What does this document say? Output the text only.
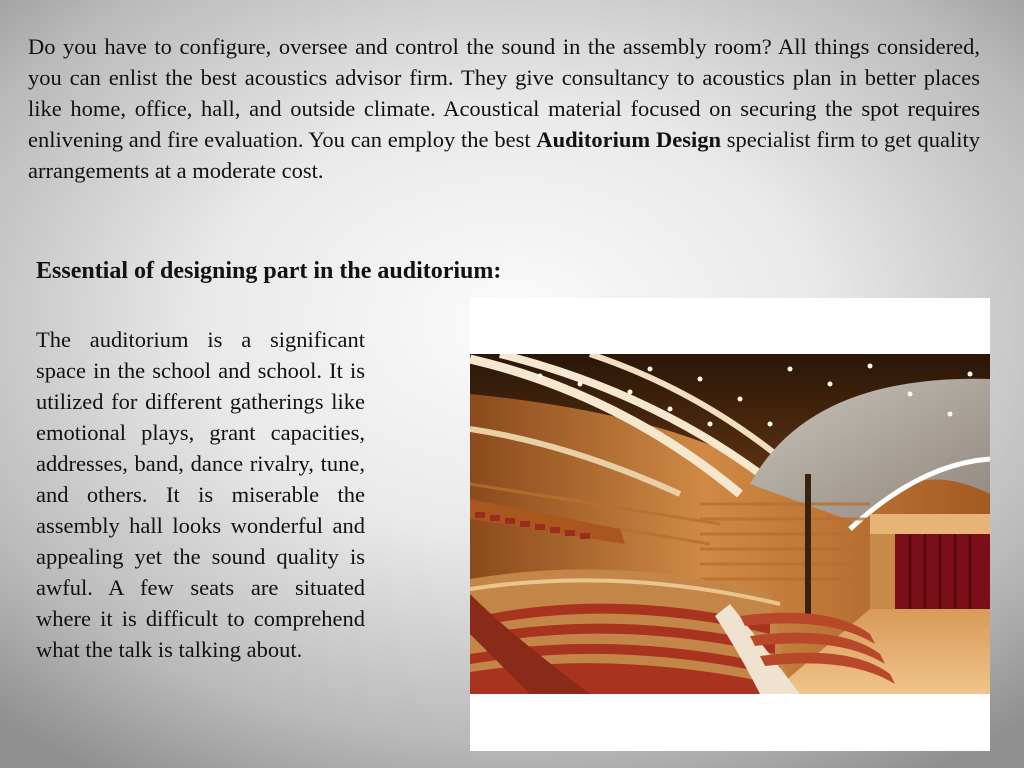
Do you have to configure, oversee and control the sound in the assembly room? All things considered, you can enlist the best acoustics advisor firm. They give consultancy to acoustics plan in better places like home, office, hall, and outside climate. Acoustical material focused on securing the spot requires enlivening and fire evaluation. You can employ the best Auditorium Design specialist firm to get quality arrangements at a moderate cost.

Essential of designing part in the auditorium:

The auditorium is a significant space in the school and school. It is utilized for different gatherings like emotional plays, grant capacities, addresses, band, dance rivalry, tune, and others. It is miserable the assembly hall looks wonderful and appealing yet the sound quality is awful. A few seats are situated where it is difficult to comprehend what the talk is talking about.
